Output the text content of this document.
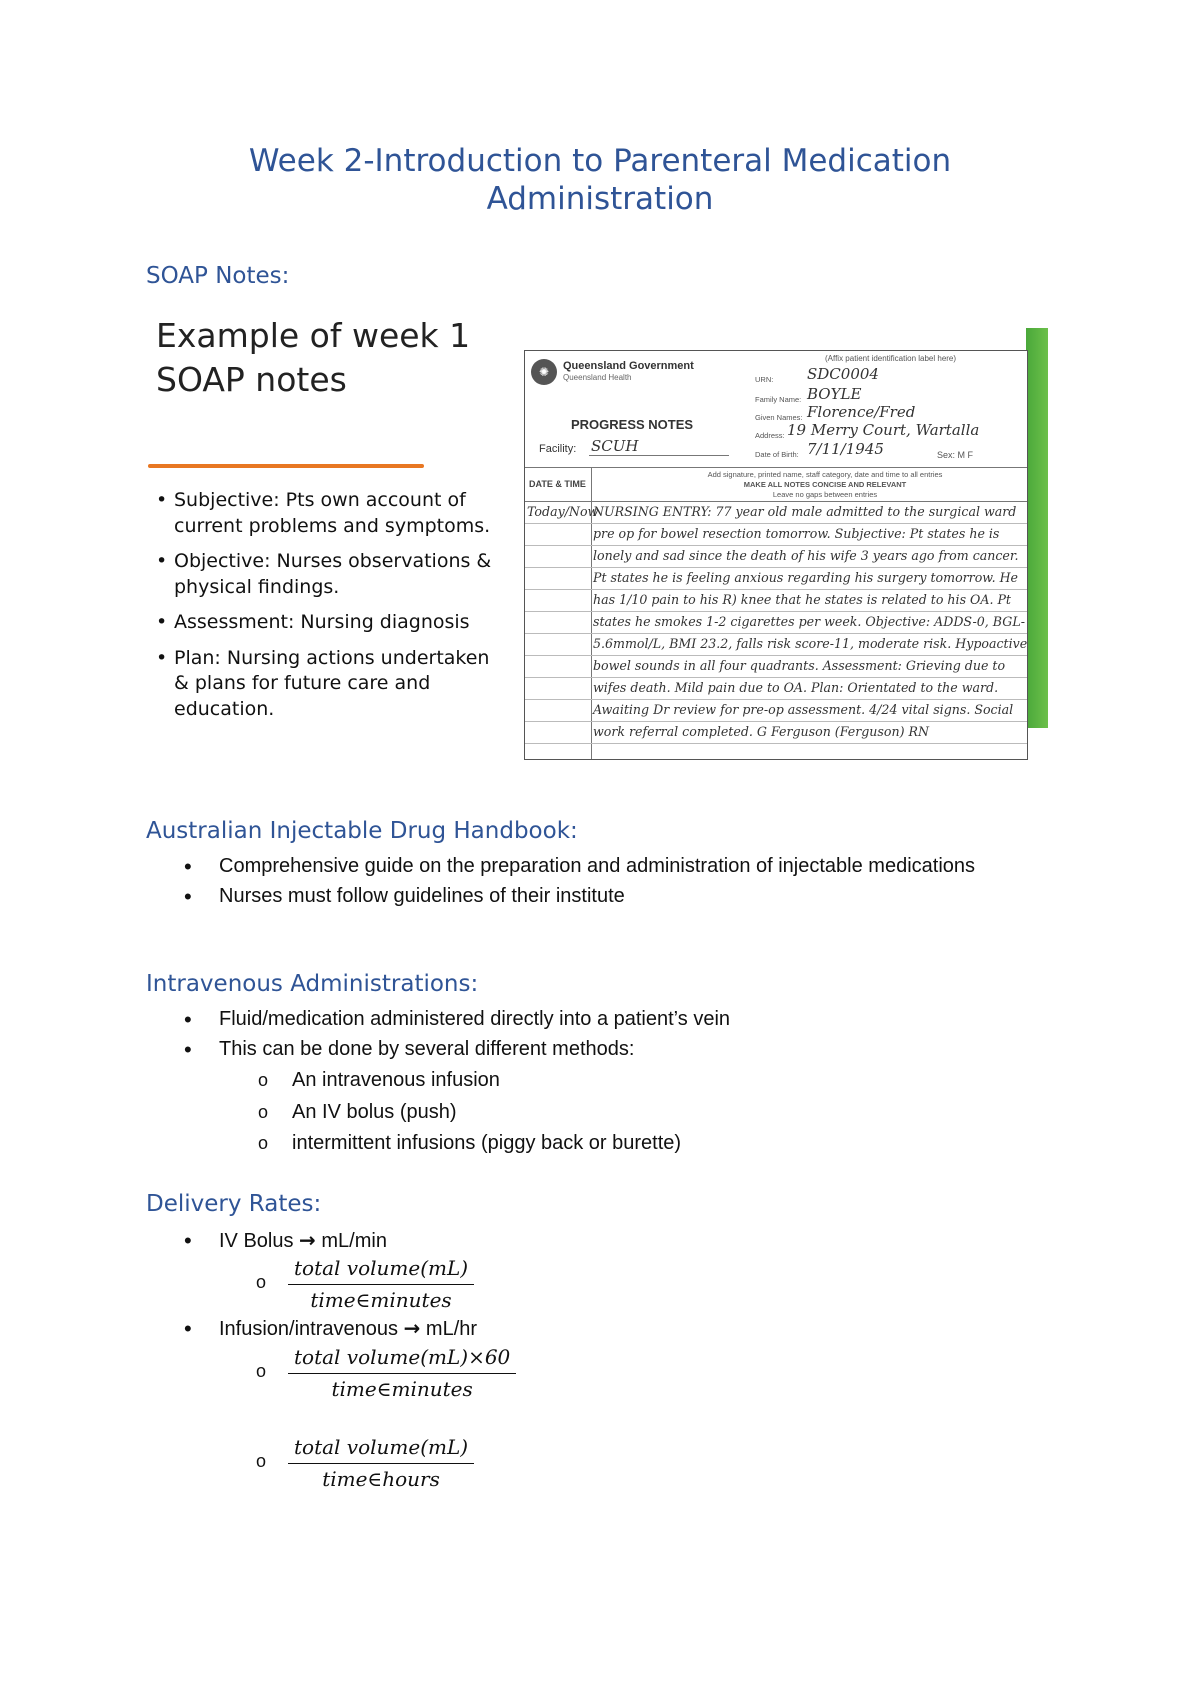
Week 2-Introduction to Parenteral Medication Administration
SOAP Notes:
Example of week 1 SOAP notes
• Subjective: Pts own account of current problems and symptoms.
• Objective: Nurses observations & physical findings.
• Assessment: Nursing diagnosis
• Plan: Nursing actions undertaken & plans for future care and education.
✺	Queensland Government
Queensland Health
(Affix patient identification label here)
URN: SDC0004
Family Name: BOYLE
Given Names: Florence/Fred
Address: 19 Merry Court, Wartalla
Date of Birth: 7/11/1945	Sex: M F
PROGRESS NOTES
Facility: SCUH
DATE & TIME
Add signature, printed name, staff category, date and time to all entries
MAKE ALL NOTES CONCISE AND RELEVANT
Leave no gaps between entries
Today/Now
NURSING ENTRY: 77 year old male admitted to the surgical ward pre op for bowel resection tomorrow. Subjective: Pt states he is lonely and sad since the death of his wife 3 years ago from cancer. Pt states he is feeling anxious regarding his surgery tomorrow. He has 1/10 pain to his R) knee that he states is related to his OA. Pt states he smokes 1-2 cigarettes per week. Objective: ADDS-0, BGL-5.6mmol/L, BMI 23.2, falls risk score-11, moderate risk. Hypoactive bowel sounds in all four quadrants. Assessment: Grieving due to wifes death. Mild pain due to OA. Plan: Orientated to the ward. Awaiting Dr review for pre-op assessment. 4/24 vital signs. Social work referral completed. G Ferguson (Ferguson) RN
Australian Injectable Drug Handbook:
• Comprehensive guide on the preparation and administration of injectable medications
• Nurses must follow guidelines of their institute
Intravenous Administrations:
• Fluid/medication administered directly into a patient’s vein
• This can be done by several different methods:
o An intravenous infusion
o An IV bolus (push)
o intermittent infusions (piggy back or burette)
Delivery Rates:
• IV Bolus → mL/min
o
total volume(mL)
time∈minutes
• Infusion/intravenous → mL/hr
o
total volume(mL)×60
time∈minutes
o
total volume(mL)
time∈hours
